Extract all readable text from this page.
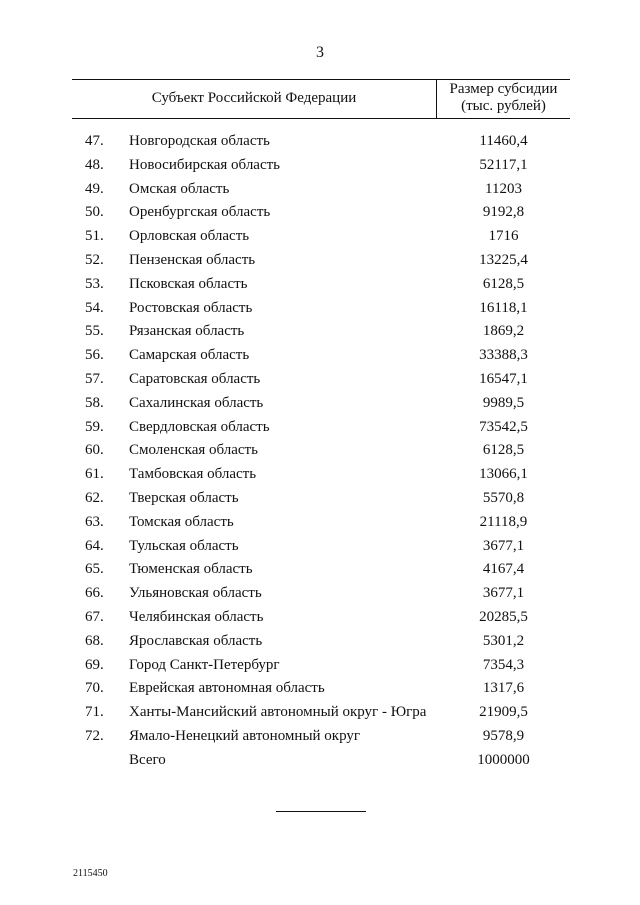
3
Субъект Российской Федерации
Размер субсидии
(тыс. рублей)
47. Новгородская область	11460,4
48. Новосибирская область	52117,1
49. Омская область	11203
50. Оренбургская область	9192,8
51. Орловская область	1716
52. Пензенская область	13225,4
53. Псковская область	6128,5
54. Ростовская область	16118,1
55. Рязанская область	1869,2
56. Самарская область	33388,3
57. Саратовская область	16547,1
58. Сахалинская область	9989,5
59. Свердловская область	73542,5
60. Смоленская область	6128,5
61. Тамбовская область	13066,1
62. Тверская область	5570,8
63. Томская область	21118,9
64. Тульская область	3677,1
65. Тюменская область	4167,4
66. Ульяновская область	3677,1
67. Челябинская область	20285,5
68. Ярославская область	5301,2
69. Город Санкт-Петербург	7354,3
70. Еврейская автономная область	1317,6
71. Ханты-Мансийский автономный округ - Югра	21909,5
72. Ямало-Ненецкий автономный округ	9578,9
Всего	1000000
2115450
